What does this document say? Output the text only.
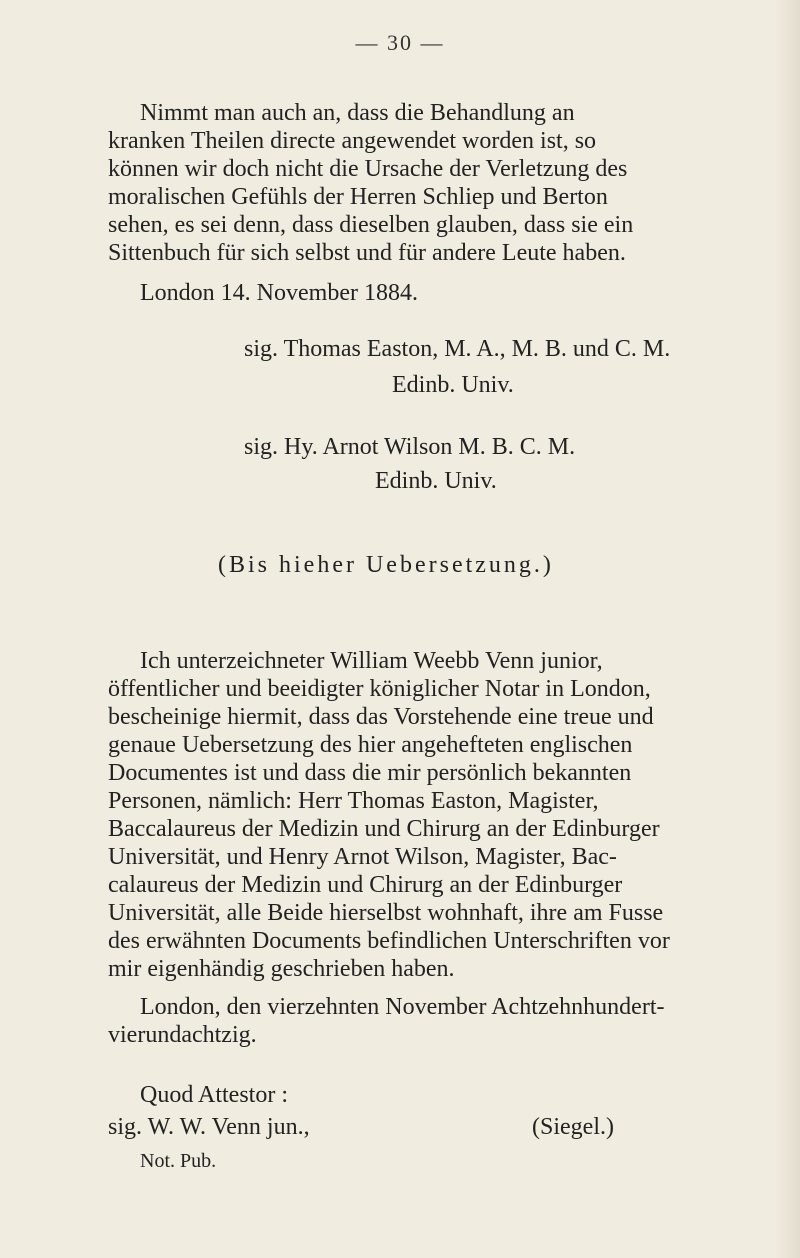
— 30 —
Nimmt man auch an, dass die Behandlung an
kranken Theilen directe angewendet worden ist, so
können wir doch nicht die Ursache der Verletzung des
moralischen Gefühls der Herren Schliep und Berton
sehen, es sei denn, dass dieselben glauben, dass sie ein
Sittenbuch für sich selbst und für andere Leute haben.
London 14. November 1884.
sig. Thomas Easton, M. A., M. B. und C. M.
Edinb. Univ.
sig. Hy. Arnot Wilson M. B. C. M.
Edinb. Univ.
(Bis hieher Uebersetzung.)
Ich unterzeichneter William Weebb Venn junior,
öffentlicher und beeidigter königlicher Notar in London,
bescheinige hiermit, dass das Vorstehende eine treue und
genaue Uebersetzung des hier angehefteten englischen
Documentes ist und dass die mir persönlich bekannten
Personen, nämlich: Herr Thomas Easton, Magister,
Baccalaureus der Medizin und Chirurg an der Edinburger
Universität, und Henry Arnot Wilson, Magister, Bac-
calaureus der Medizin und Chirurg an der Edinburger
Universität, alle Beide hierselbst wohnhaft, ihre am Fusse
des erwähnten Documents befindlichen Unterschriften vor
mir eigenhändig geschrieben haben.
London, den vierzehnten November Achtzehnhundert-
vierundachtzig.
Quod Attestor :
sig. W. W. Venn jun.,	(Siegel.)
Not. Pub.
